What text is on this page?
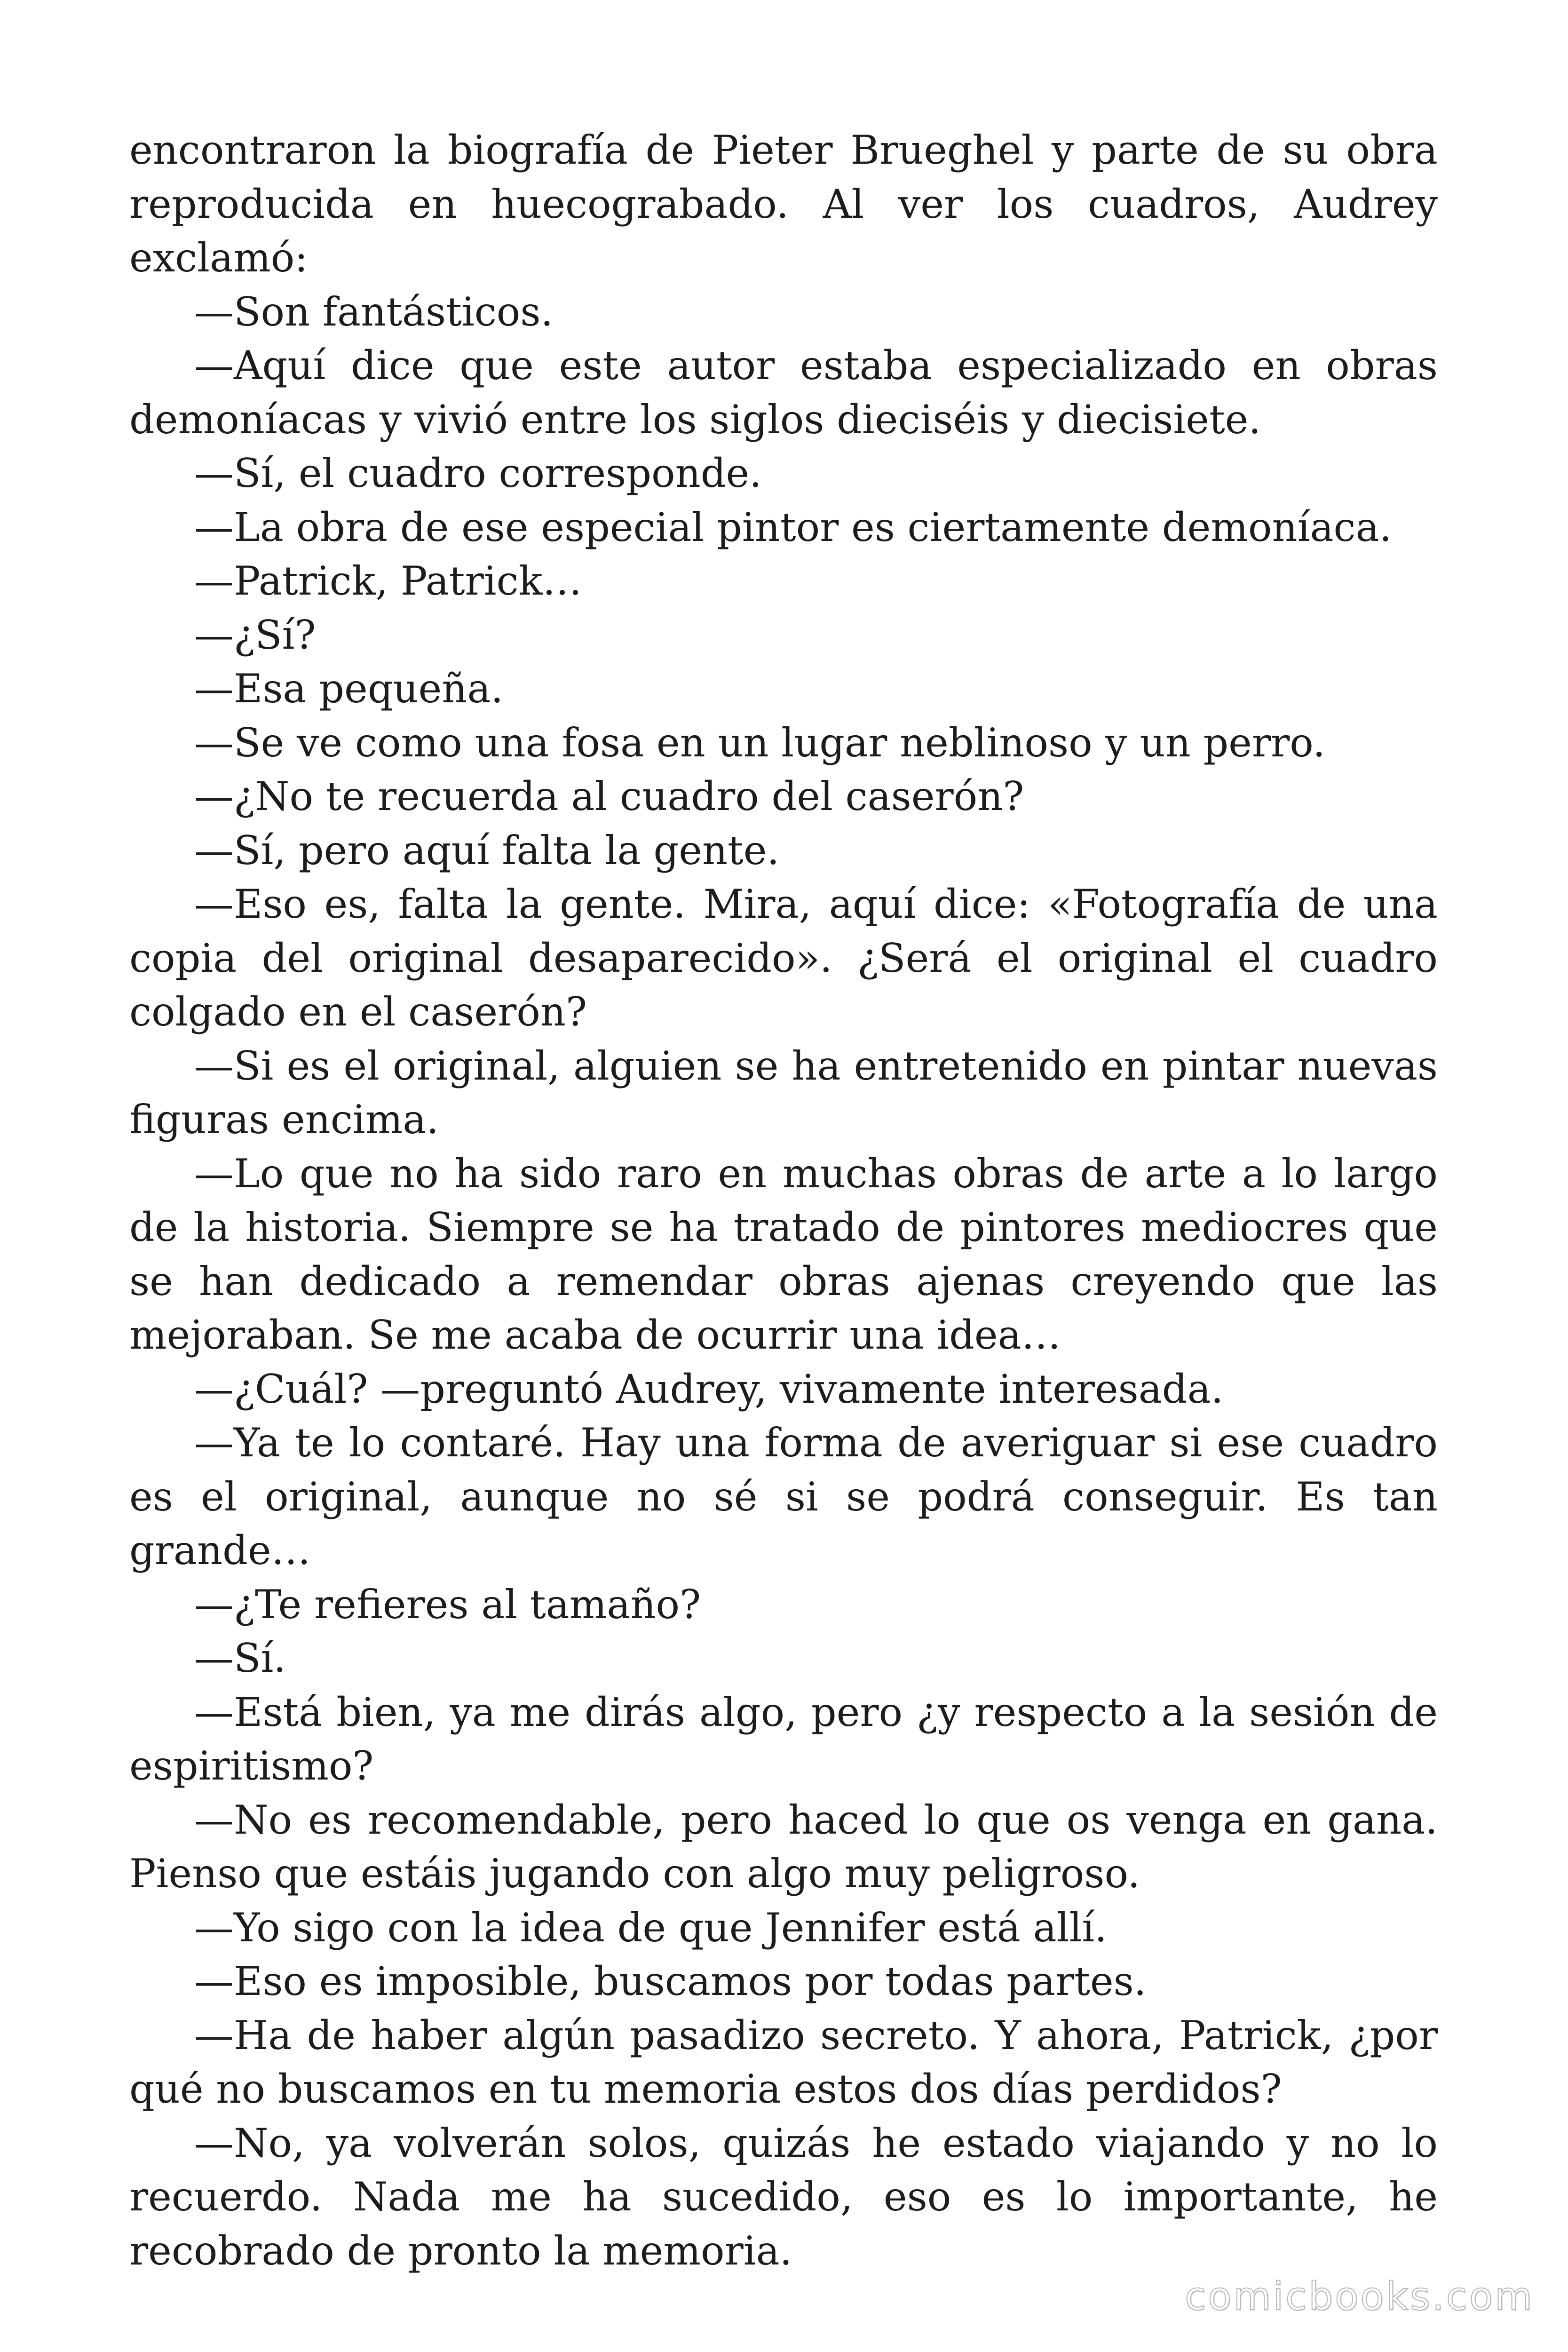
encontraron la biografía de Pieter Brueghel y parte de su obra reproducida en huecograbado. Al ver los cuadros, Audrey exclamó:

—Son fantásticos.

—Aquí dice que este autor estaba especializado en obras demoníacas y vivió entre los siglos dieciséis y diecisiete.

—Sí, el cuadro corresponde.

—La obra de ese especial pintor es ciertamente demoníaca.

—Patrick, Patrick…

—¿Sí?

—Esa pequeña.

—Se ve como una fosa en un lugar neblinoso y un perro.

—¿No te recuerda al cuadro del caserón?

—Sí, pero aquí falta la gente.

—Eso es, falta la gente. Mira, aquí dice: «Fotografía de una copia del original desaparecido». ¿Será el original el cuadro colgado en el caserón?

—Si es el original, alguien se ha entretenido en pintar nuevas figuras encima.

—Lo que no ha sido raro en muchas obras de arte a lo largo de la historia. Siempre se ha tratado de pintores mediocres que se han dedicado a remendar obras ajenas creyendo que las mejoraban. Se me acaba de ocurrir una idea…

—¿Cuál? —preguntó Audrey, vivamente interesada.

—Ya te lo contaré. Hay una forma de averiguar si ese cuadro es el original, aunque no sé si se podrá conseguir. Es tan grande…

—¿Te refieres al tamaño?

—Sí.

—Está bien, ya me dirás algo, pero ¿y respecto a la sesión de espiritismo?

—No es recomendable, pero haced lo que os venga en gana. Pienso que estáis jugando con algo muy peligroso.

—Yo sigo con la idea de que Jennifer está allí.

—Eso es imposible, buscamos por todas partes.

—Ha de haber algún pasadizo secreto. Y ahora, Patrick, ¿por qué no buscamos en tu memoria estos dos días perdidos?

—No, ya volverán solos, quizás he estado viajando y no lo recuerdo. Nada me ha sucedido, eso es lo importante, he recobrado de pronto la memoria.

comicbooks.com
